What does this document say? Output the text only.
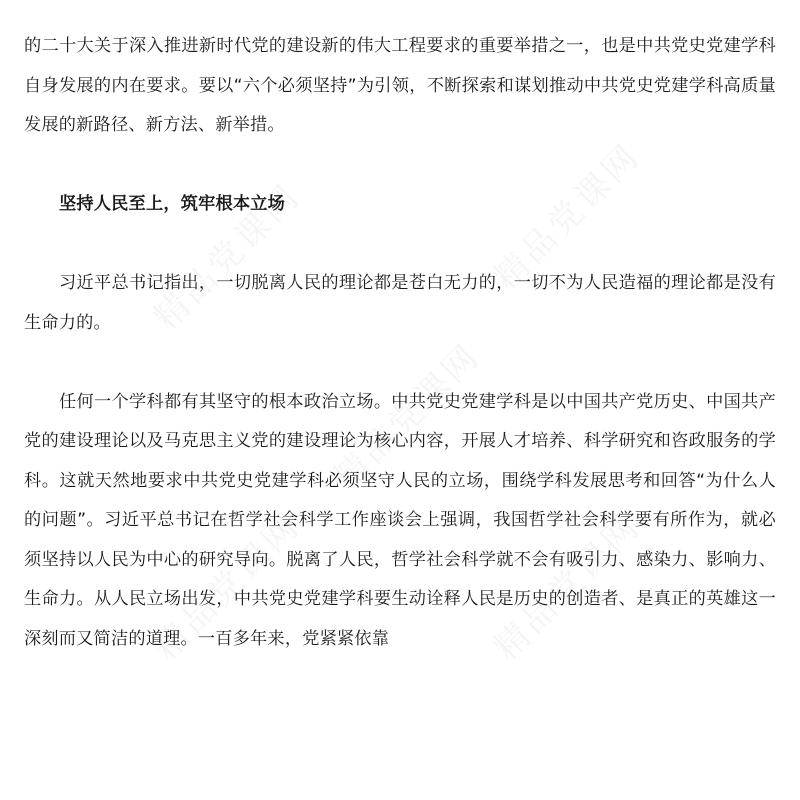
的二十大关于深入推进新时代党的建设新的伟大工程要求的重要举措之一，也是中共党史党建学科自身发展的内在要求。要以“六个必须坚持”为引领，不断探索和谋划推动中共党史党建学科高质量发展的新路径、新方法、新举措。

坚持人民至上，筑牢根本立场

习近平总书记指出，一切脱离人民的理论都是苍白无力的，一切不为人民造福的理论都是没有生命力的。

任何一个学科都有其坚守的根本政治立场。中共党史党建学科是以中国共产党历史、中国共产党的建设理论以及马克思主义党的建设理论为核心内容，开展人才培养、科学研究和咨政服务的学科。这就天然地要求中共党史党建学科必须坚守人民的立场，围绕学科发展思考和回答“为什么人的问题”。习近平总书记在哲学社会科学工作座谈会上强调，我国哲学社会科学要有所作为，就必须坚持以人民为中心的研究导向。脱离了人民，哲学社会科学就不会有吸引力、感染力、影响力、生命力。从人民立场出发，中共党史党建学科要生动诠释人民是历史的创造者、是真正的英雄这一深刻而又简洁的道理。一百多年来，党紧紧依靠
